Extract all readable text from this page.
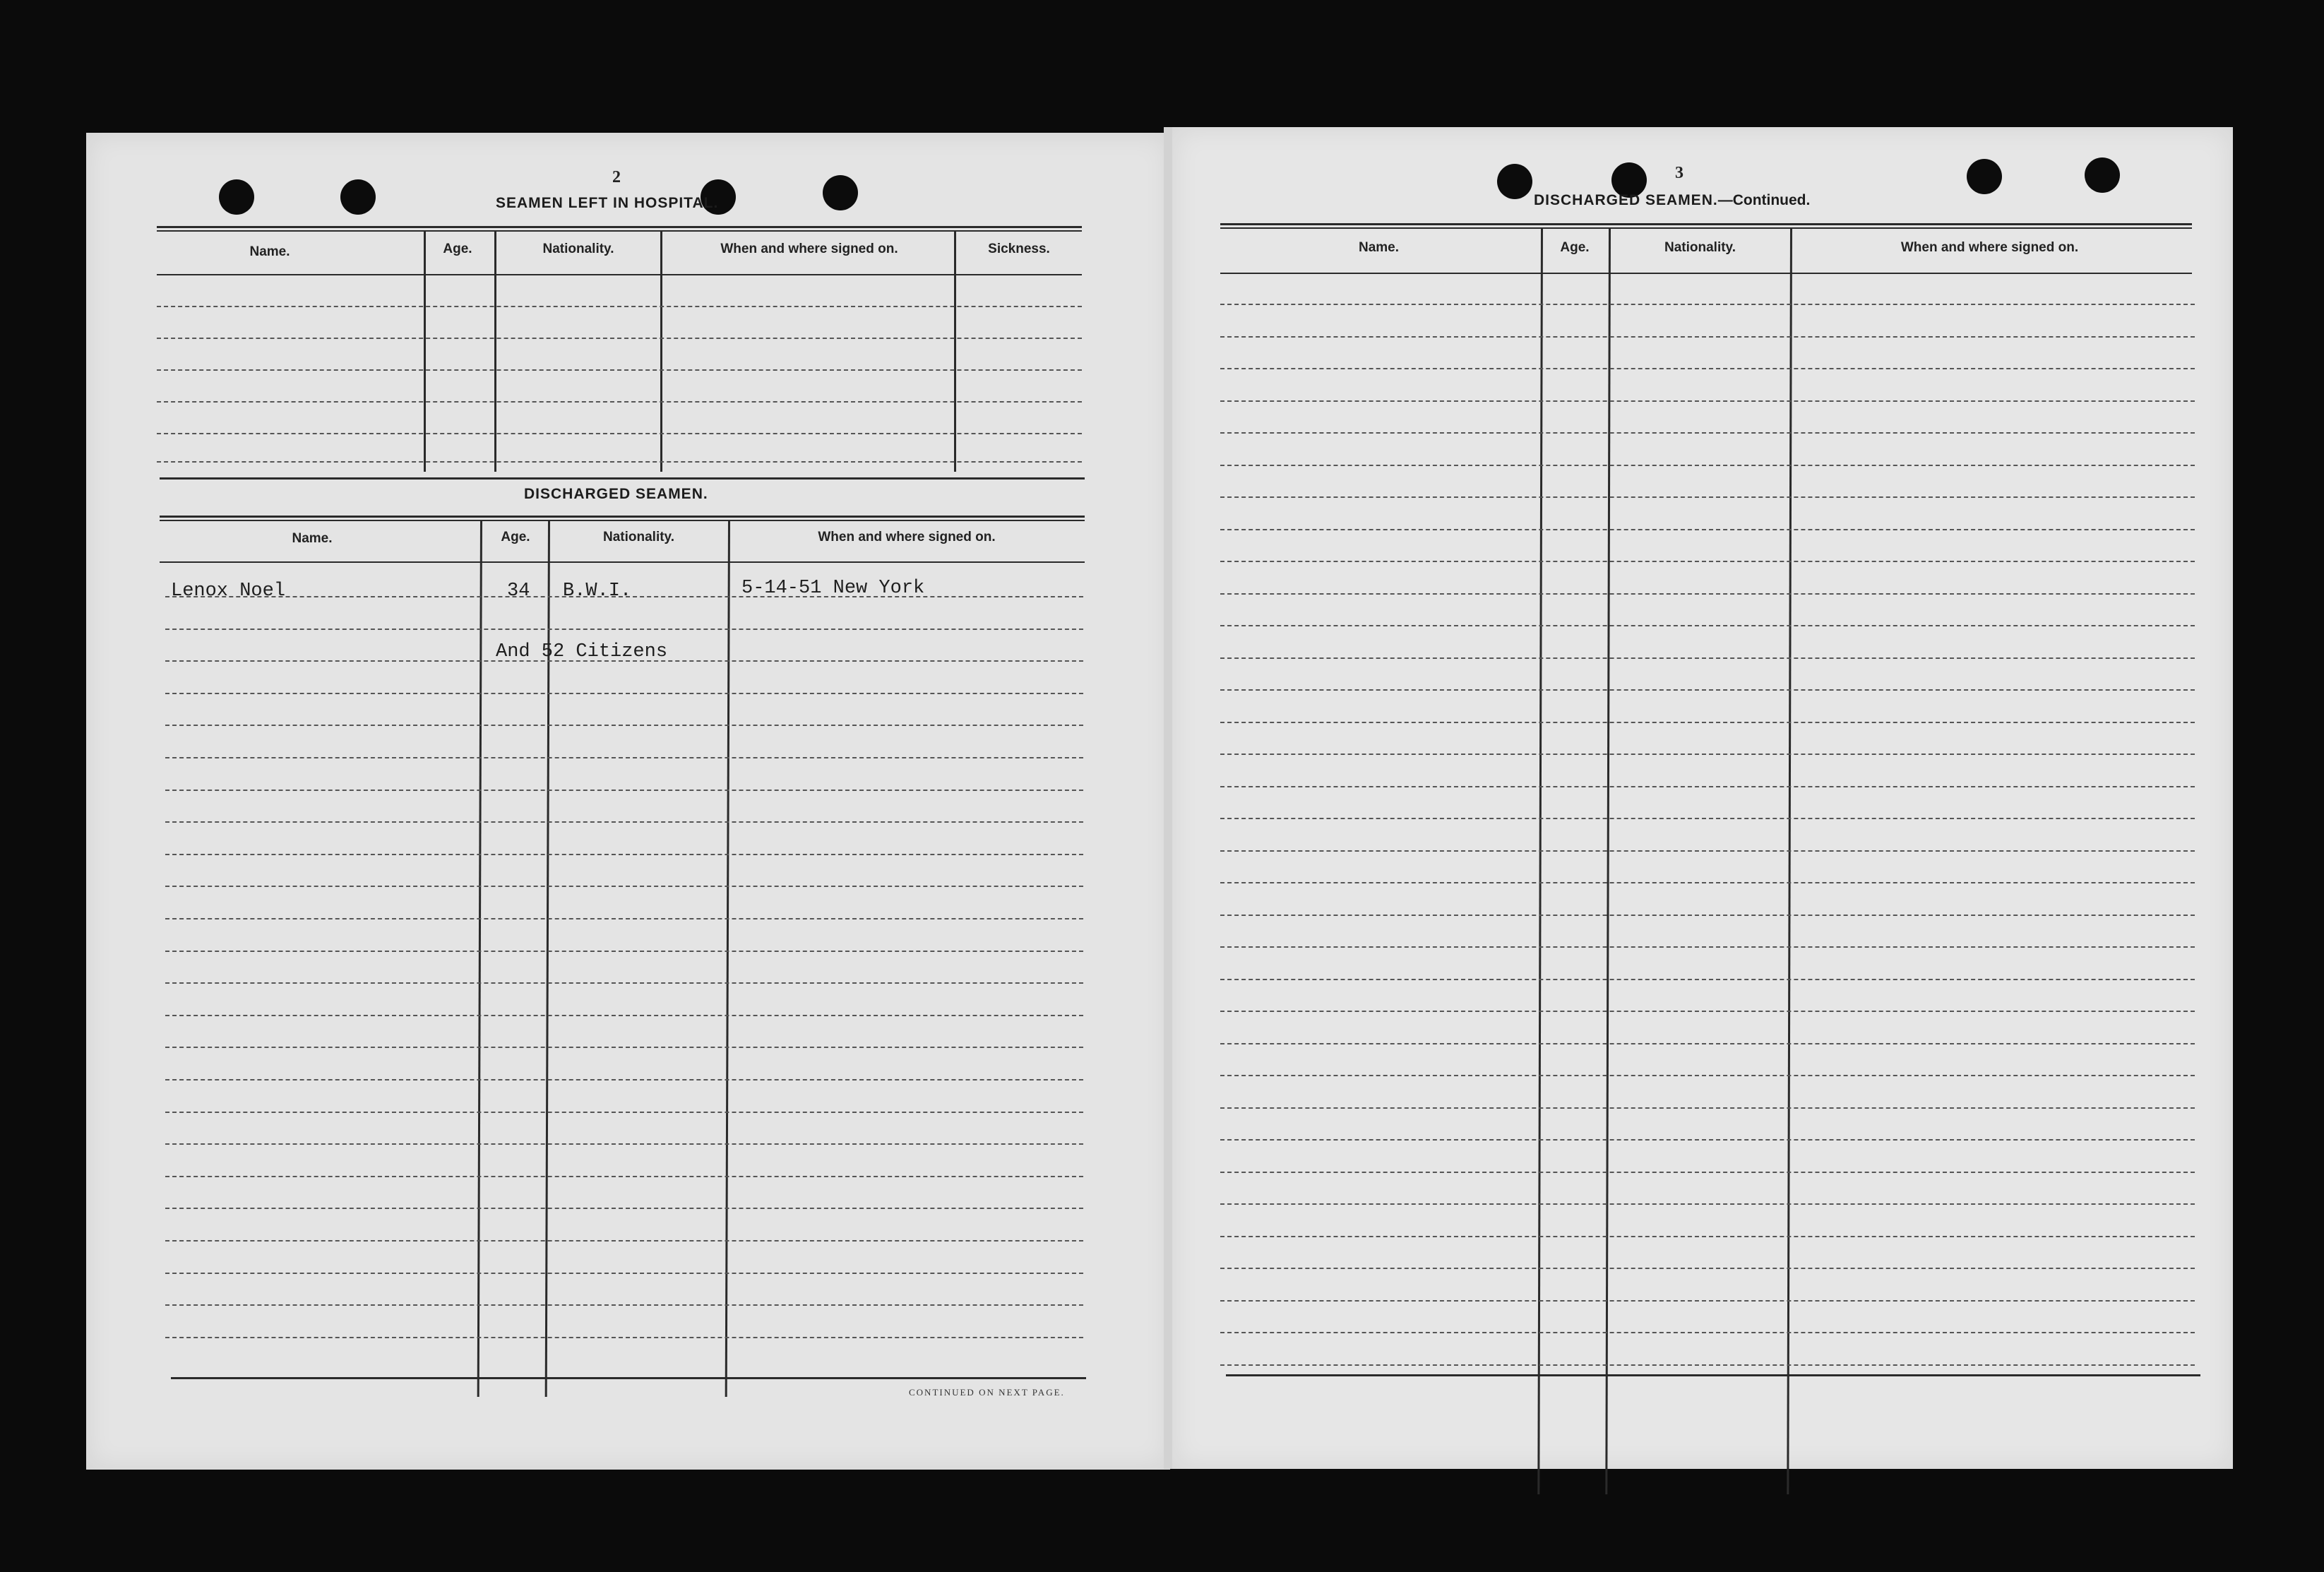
2
SEAMEN LEFT IN HOSPITAL.
Name.	Age.	Nationality.	When and where signed on.	Sickness.
DISCHARGED SEAMEN.
Name.	Age.	Nationality.	When and where signed on.
Lenox Noel	34 B.W.I.	5-14-51 New York
And 52 Citizens
CONTINUED ON NEXT PAGE.
3
DISCHARGED SEAMEN.—Continued.
Name.	Age.	Nationality.	When and where signed on.
